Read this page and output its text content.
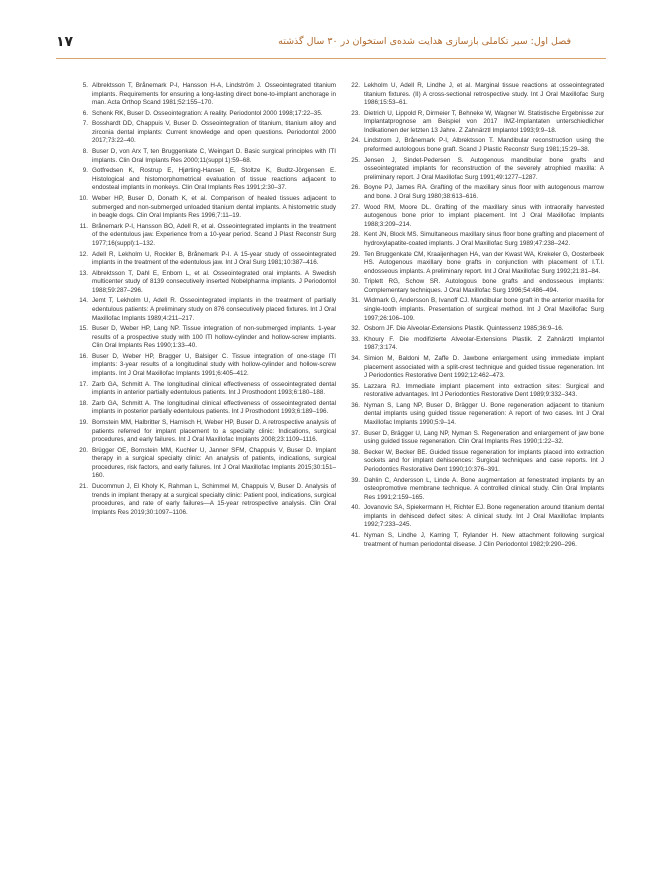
۱۷	فصل اول: سیر تکاملی بازسازی هدایت شده‌ی استخوان در ۳۰ سال گذشته
5. Albrektsson T, Brånemark P-I, Hansson H-A, Lindström J. Osseointegrated titanium implants. Requirements for ensuring a long-lasting direct bone-to-implant anchorage in man. Acta Orthop Scand 1981;52:155–170.
6. Schenk RK, Buser D. Osseointegration: A reality. Periodontol 2000 1998;17:22–35.
7. Bosshardt DD, Chappuis V, Buser D. Osseointegration of titanium, titanium alloy and zirconia dental implants: Current knowledge and open questions. Periodontol 2000 2017;73:22–40.
8. Buser D, von Arx T, ten Bruggenkate C, Weingart D. Basic surgical principles with ITI implants. Clin Oral Implants Res 2000;11(suppl 1):59–68.
9. Gotfredsen K, Rostrup E, Hjørting-Hansen E, Stoltze K, Budtz-Jörgensen E. Histological and histomorphometrical evaluation of tissue reactions adjacent to endosteal implants in monkeys. Clin Oral Implants Res 1991;2:30–37.
10. Weber HP, Buser D, Donath K, et al. Comparison of healed tissues adjacent to submerged and non-submerged unloaded titanium dental implants. A histometric study in beagle dogs. Clin Oral Implants Res 1996;7:11–19.
11. Brånemark P-I, Hansson BO, Adell R, et al. Osseointegrated implants in the treatment of the edentulous jaw. Experience from a 10-year period. Scand J Plast Reconstr Surg 1977;16(suppl):1–132.
12. Adell R, Lekholm U, Rockler B, Brånemark P-I. A 15-year study of osseointegrated implants in the treatment of the edentulous jaw. Int J Oral Surg 1981;10:387–416.
13. Albrektsson T, Dahl E, Enbom L, et al. Osseointegrated oral implants. A Swedish multicenter study of 8139 consecutively inserted Nobelpharma implants. J Periodontol 1988;59:287–296.
14. Jemt T, Lekholm U, Adell R. Osseointegrated implants in the treatment of partially edentulous patients: A preliminary study on 876 consecutively placed fixtures. Int J Oral Maxillofac Implants 1989;4:211–217.
15. Buser D, Weber HP, Lang NP. Tissue integration of non-submerged implants. 1-year results of a prospective study with 100 ITI hollow-cylinder and hollow-screw implants. Clin Oral Implants Res 1990;1:33–40.
16. Buser D, Weber HP, Bragger U, Balsiger C. Tissue integration of one-stage ITI implants: 3-year results of a longitudinal study with hollow-cylinder and hollow-screw implants. Int J Oral Maxillofac Implants 1991;6:405–412.
17. Zarb GA, Schmitt A. The longitudinal clinical effectiveness of osseointegrated dental implants in anterior partially edentulous patients. Int J Prosthodont 1993;6:180–188.
18. Zarb GA, Schmitt A. The longitudinal clinical effectiveness of osseointegrated dental implants in posterior partially edentulous patients. Int J Prosthodont 1993;6:189–196.
19. Bornstein MM, Halbritter S, Harnisch H, Weber HP, Buser D. A retrospective analysis of patients referred for implant placement to a specialty clinic: Indications, surgical procedures, and early failures. Int J Oral Maxillofac Implants 2008;23:1109–1116.
20. Brügger OE, Bornstein MM, Kuchler U, Janner SFM, Chappuis V, Buser D. Implant therapy in a surgical specialty clinic: An analysis of patients, indications, surgical procedures, risk factors, and early failures. Int J Oral Maxillofac Implants 2015;30:151–160.
21. Ducommun J, El Kholy K, Rahman L, Schimmel M, Chappuis V, Buser D. Analysis of trends in implant therapy at a surgical specialty clinic: Patient pool, indications, surgical procedures, and rate of early failures—A 15-year retrospective analysis. Clin Oral Implants Res 2019;30:1097–1106.
22. Lekholm U, Adell R, Lindhe J, et al. Marginal tissue reactions at osseointegrated titanium fixtures. (II) A cross-sectional retrospective study. Int J Oral Maxillofac Surg 1986;15:53–61.
23. Dietrich U, Lippold R, Dirmeier T, Behneke W, Wagner W. Statistische Ergebnisse zur Implantatprognose am Beispiel von 2017 IMZ-Implantaten unterschiedlicher Indikationen der letzten 13 Jahre. Z Zahnärztl Implantol 1993;9:9–18.
24. Lindstrom J, Brånemark P-I, Albrektsson T. Mandibular reconstruction using the preformed autologous bone graft. Scand J Plastic Reconstr Surg 1981;15:29–38.
25. Jensen J, Sindet-Pedersen S. Autogenous mandibular bone grafts and osseointegrated implants for reconstruction of the severely atrophied maxilla: A preliminary report. J Oral Maxillofac Surg 1991;49:1277–1287.
26. Boyne PJ, James RA. Grafting of the maxillary sinus floor with autogenous marrow and bone. J Oral Surg 1980;38:613–616.
27. Wood RM, Moore DL. Grafting of the maxillary sinus with intraorally harvested autogenous bone prior to implant placement. Int J Oral Maxillofac Implants 1988;3:209–214.
28. Kent JN, Block MS. Simultaneous maxillary sinus floor bone grafting and placement of hydroxylapatite-coated implants. J Oral Maxillofac Surg 1989;47:238–242.
29. Ten Bruggenkate CM, Kraaijenhagen HA, van der Kwast WA, Krekeler G, Oosterbeek HS. Autogenous maxillary bone grafts in conjunction with placement of I.T.I. endosseous implants. A preliminary report. Int J Oral Maxillofac Surg 1992;21:81–84.
30. Triplett RG, Schow SR. Autologous bone grafts and endosseous implants: Complementary techniques. J Oral Maxillofac Surg 1996;54:486–494.
31. Widmark G, Andersson B, Ivanoff CJ. Mandibular bone graft in the anterior maxilla for single-tooth implants. Presentation of surgical method. Int J Oral Maxillofac Surg 1997;26:106–109.
32. Osborn JF. Die Alveolar-Extensions Plastik. Quintessenz 1985;36:9–16.
33. Khoury F. Die modifizierte Alveolar-Extensions Plastik. Z Zahnärztl Implantol 1987;3:174.
34. Simion M, Baldoni M, Zaffe D. Jawbone enlargement using immediate implant placement associated with a split-crest technique and guided tissue regeneration. Int J Periodontics Restorative Dent 1992;12:462–473.
35. Lazzara RJ. Immediate implant placement into extraction sites: Surgical and restorative advantages. Int J Periodontics Restorative Dent 1989;9:332–343.
36. Nyman S, Lang NP, Buser D, Brägger U. Bone regeneration adjacent to titanium dental implants using guided tissue regeneration: A report of two cases. Int J Oral Maxillofac Implants 1990;5:9–14.
37. Buser D, Brägger U, Lang NP, Nyman S. Regeneration and enlargement of jaw bone using guided tissue regeneration. Clin Oral Implants Res 1990;1:22–32.
38. Becker W, Becker BE. Guided tissue regeneration for implants placed into extraction sockets and for implant dehiscences: Surgical techniques and case reports. Int J Periodontics Restorative Dent 1990;10:376–391.
39. Dahlin C, Andersson L, Linde A. Bone augmentation at fenestrated implants by an osteopromotive membrane technique. A controlled clinical study. Clin Oral Implants Res 1991;2:159–165.
40. Jovanovic SA, Spiekermann H, Richter EJ. Bone regeneration around titanium dental implants in dehisced defect sites: A clinical study. Int J Oral Maxillofac Implants 1992;7:233–245.
41. Nyman S, Lindhe J, Karring T, Rylander H. New attachment following surgical treatment of human periodontal disease. J Clin Periodontol 1982;9:290–296.
